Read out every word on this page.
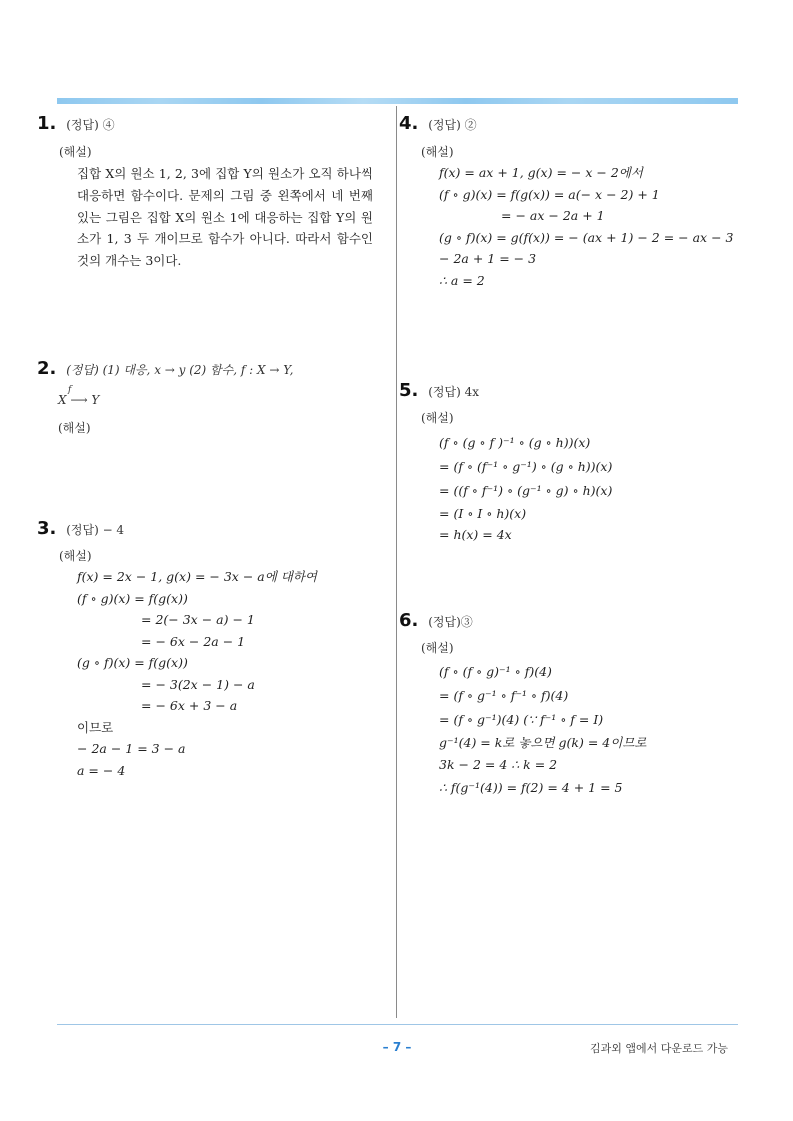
1. (정답) ④
(해설)
집합 X의 원소 1, 2, 3에 집합 Y의 원소가 오직 하나씩 대응하면 함수이다. 문제의 그림 중 왼쪽에서 네 번째 있는 그림은 집합 X의 원소 1에 대응하는 집합 Y의 원소가 1, 3 두 개이므로 함수가 아니다. 따라서 함수인 것의 개수는 3이다.
2. (정답) (1) 대응, x → y (2) 함수, f : X → Y,
f
X ⟶ Y
(해설)
3. (정답) − 4
(해설)
f(x) = 2x − 1, g(x) = − 3x − a에 대하여
(f ∘ g)(x) = f(g(x))
= 2(− 3x − a) − 1
= − 6x − 2a − 1
(g ∘ f)(x) = f(g(x))
= − 3(2x − 1) − a
= − 6x + 3 − a
이므로
− 2a − 1 = 3 − a
a = − 4
4. (정답) ②
(해설)
f(x) = ax + 1, g(x) = − x − 2에서
(f ∘ g)(x) = f(g(x)) = a(− x − 2) + 1
= − ax − 2a + 1
(g ∘ f)(x) = g(f(x)) = − (ax + 1) − 2 = − ax − 3
− 2a + 1 = − 3
∴ a = 2
5. (정답) 4x
(해설)
(f ∘ (g ∘ f )⁻¹ ∘ (g ∘ h))(x)
= (f ∘ (f⁻¹ ∘ g⁻¹) ∘ (g ∘ h))(x)
= ((f ∘ f⁻¹) ∘ (g⁻¹ ∘ g) ∘ h)(x)
= (I ∘ I ∘ h)(x)
= h(x) = 4x
6. (정답)③
(해설)
(f ∘ (f ∘ g)⁻¹ ∘ f)(4)
= (f ∘ g⁻¹ ∘ f⁻¹ ∘ f)(4)
= (f ∘ g⁻¹)(4) (∵ f⁻¹ ∘ f = I)
g⁻¹(4) = k로 놓으면 g(k) = 4이므로
3k − 2 = 4 ∴ k = 2
∴ f(g⁻¹(4)) = f(2) = 4 + 1 = 5
– 7 –	김과외 앱에서 다운로드 가능
